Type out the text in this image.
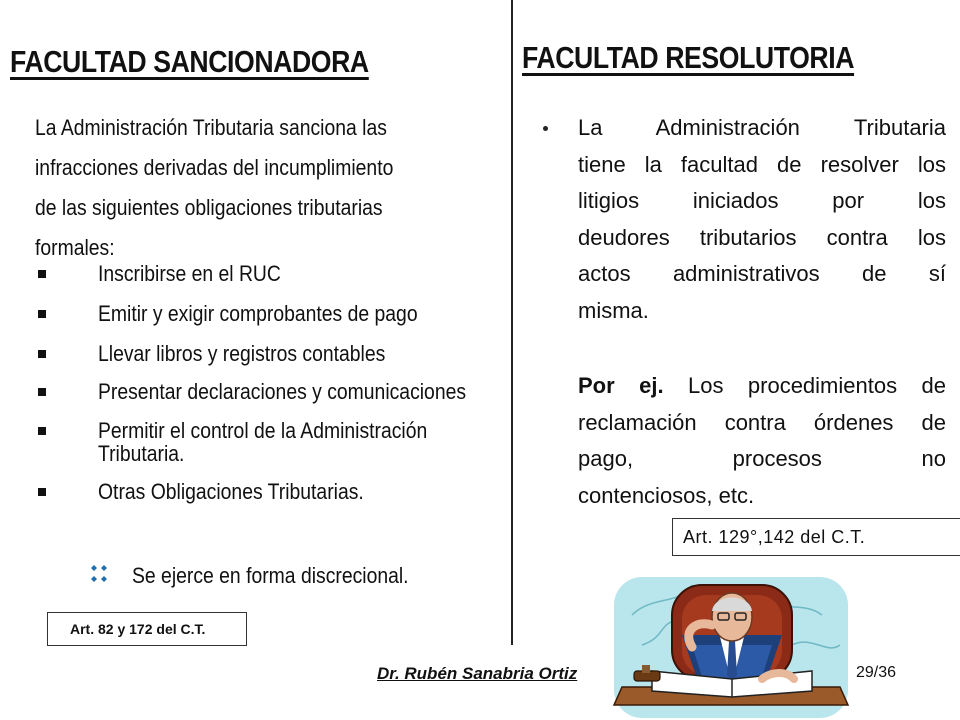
FACULTAD SANCIONADORA

La Administración Tributaria sanciona las

infracciones derivadas del incumplimiento

de las siguientes obligaciones tributarias

formales:

Inscribirse en el RUC
Emitir y exigir comprobantes de pago
Llevar libros y registros contables
Presentar declaraciones y comunicaciones
Permitir el control de la Administración Tributaria.
Otras Obligaciones Tributarias.
Se ejerce en forma discrecional.
Art. 82 y 172 del C.T.
FACULTAD RESOLUTORIA
La Administración Tributaria
tiene la facultad de resolver los
litigios iniciados por los
deudores tributarios contra los
actos administrativos de sí
misma.
Por ej. Los procedimientos de
reclamación contra órdenes de
pago, procesos no
contenciosos, etc.
Art. 129°,142 del C.T.
Dr. Rubén Sanabria Ortiz	29/36
